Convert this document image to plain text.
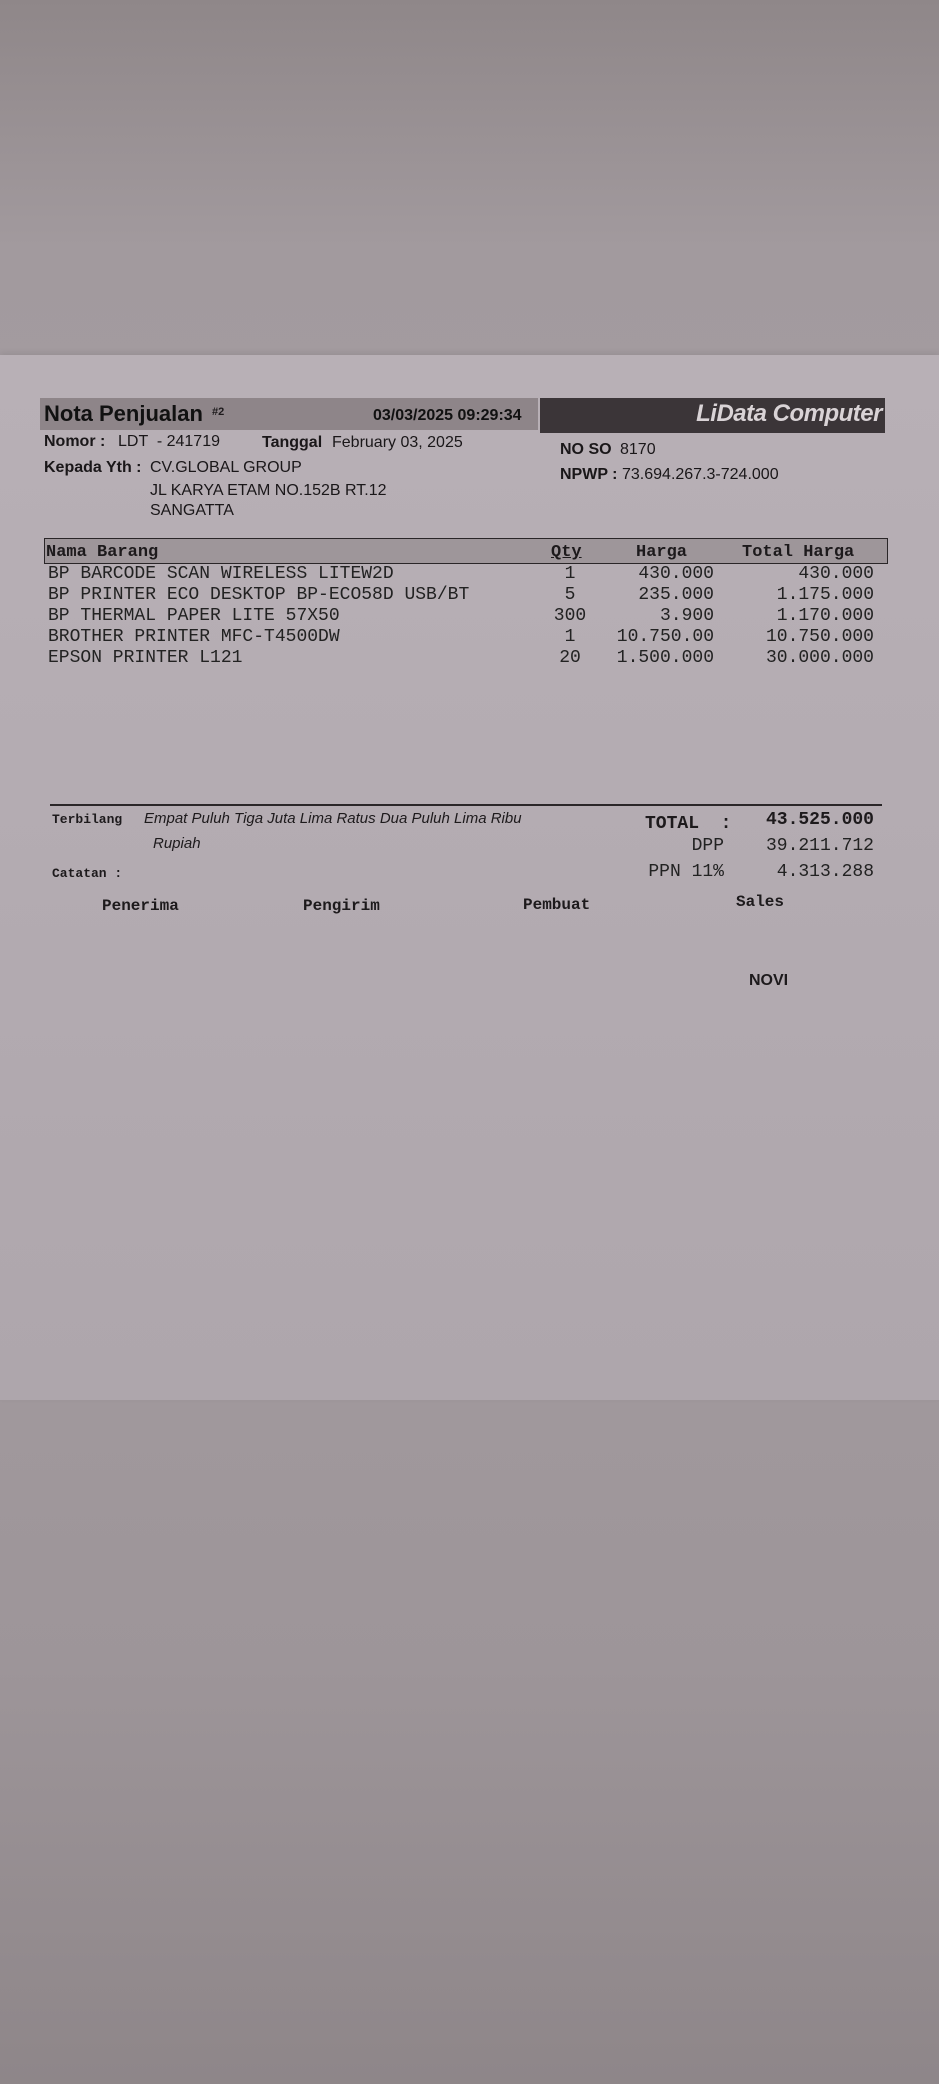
Nota Penjualan #2	03/03/2025 09:29:34	LiData Computer
Nomor : LDT  - 241719	Tanggal February 03, 2025
Kepada Yth : CV.GLOBAL GROUP
JL KARYA ETAM NO.152B RT.12
SANGATTA
NO SO 8170
NPWP : 73.694.267.3-724.000
Nama Barang	Qty	Harga	Total Harga
BP BARCODE SCAN WIRELESS LITEW2D	1	430.000	430.000
BP PRINTER ECO DESKTOP BP-ECO58D USB/BT	5	235.000	1.175.000
BP THERMAL PAPER LITE 57X50	300	3.900	1.170.000
BROTHER PRINTER MFC-T4500DW	1	10.750.00	10.750.000
EPSON PRINTER L121	20	1.500.000	30.000.000
Terbilang Empat Puluh Tiga Juta Lima Ratus Dua Puluh Lima Ribu
Rupiah
Catatan :
TOTAL  :	43.525.000
DPP	39.211.712
PPN 11%	4.313.288
Penerima	Pengirim	Pembuat	Sales
NOVI
